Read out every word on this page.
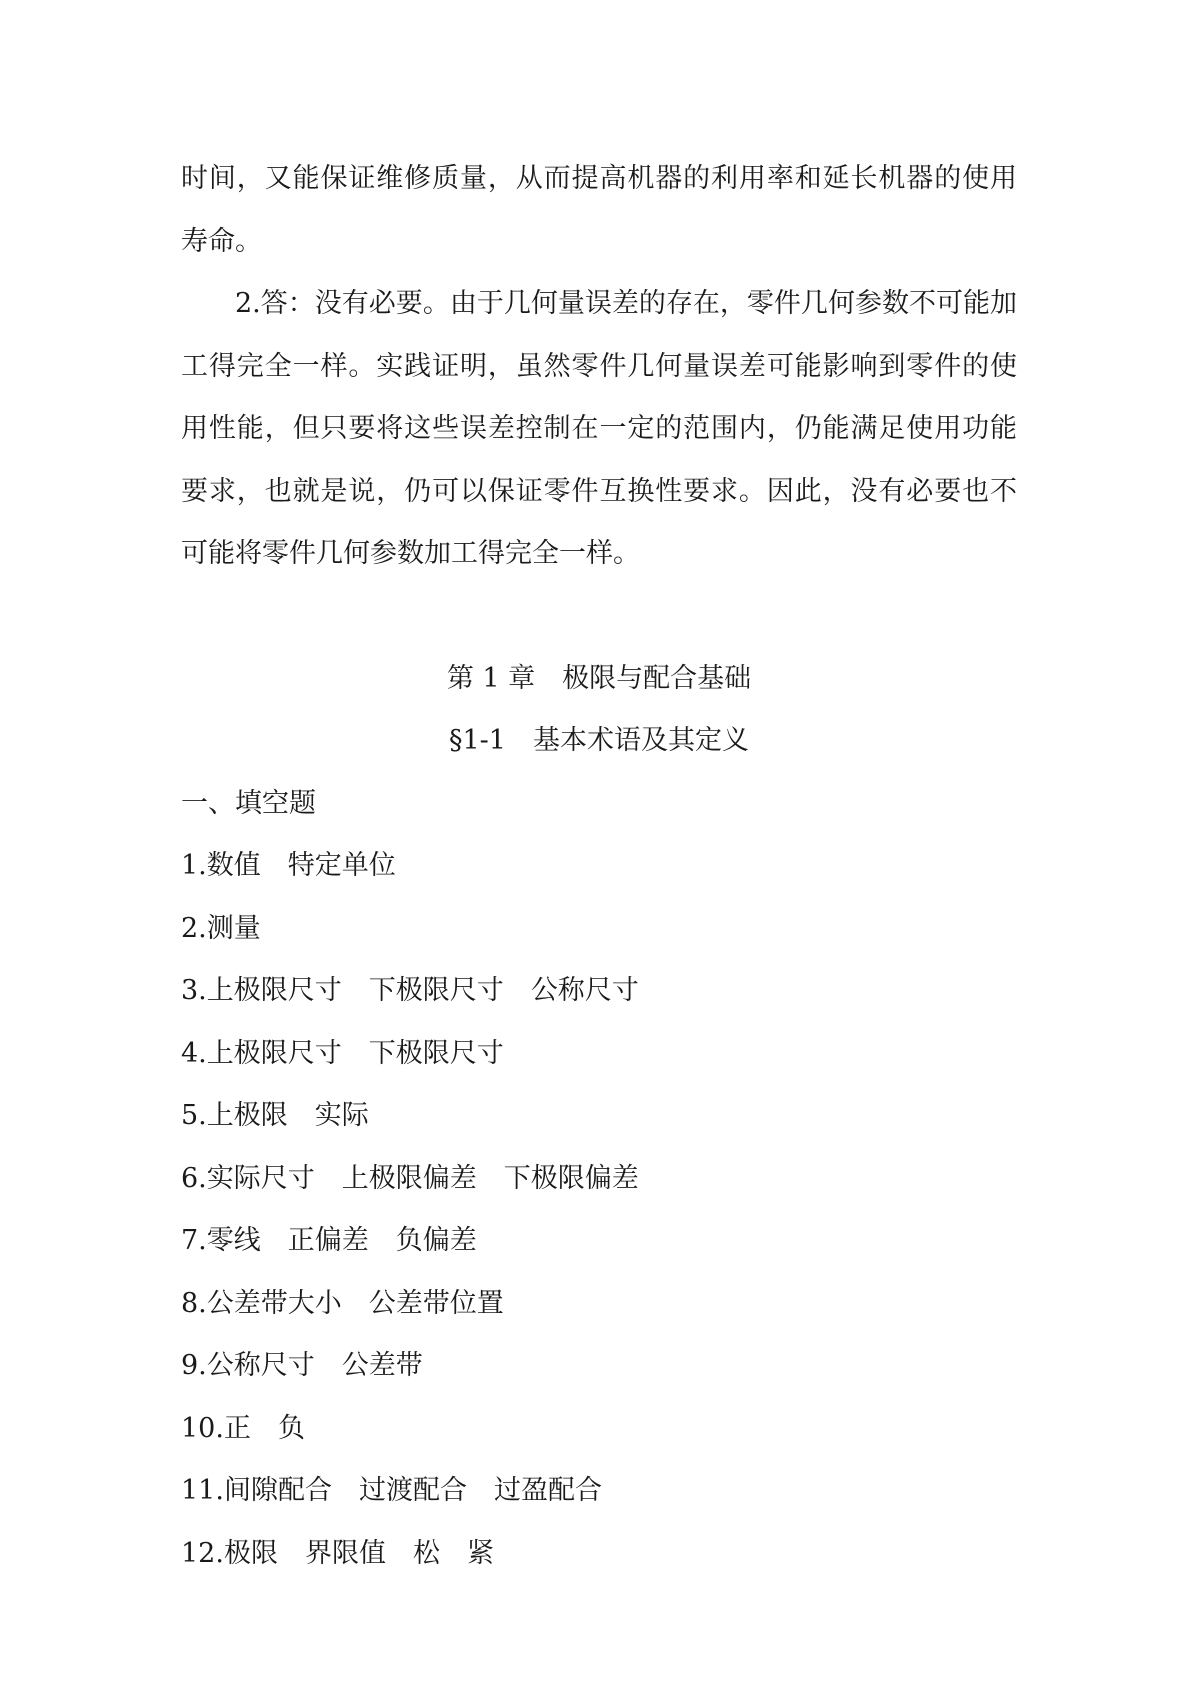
时间，又能保证维修质量，从而提高机器的利用率和延长机器的使用寿命。

2.答：没有必要。由于几何量误差的存在，零件几何参数不可能加工得完全一样。实践证明，虽然零件几何量误差可能影响到零件的使用性能，但只要将这些误差控制在一定的范围内，仍能满足使用功能要求，也就是说，仍可以保证零件互换性要求。因此，没有必要也不可能将零件几何参数加工得完全一样。

第 1 章　极限与配合基础

§1-1　基本术语及其定义

一、填空题

1.数值　特定单位

2.测量

3.上极限尺寸　下极限尺寸　公称尺寸

4.上极限尺寸　下极限尺寸

5.上极限　实际

6.实际尺寸　上极限偏差　下极限偏差

7.零线　正偏差　负偏差

8.公差带大小　公差带位置

9.公称尺寸　公差带

10.正　负

11.间隙配合　过渡配合　过盈配合

12.极限　界限值　松　紧
